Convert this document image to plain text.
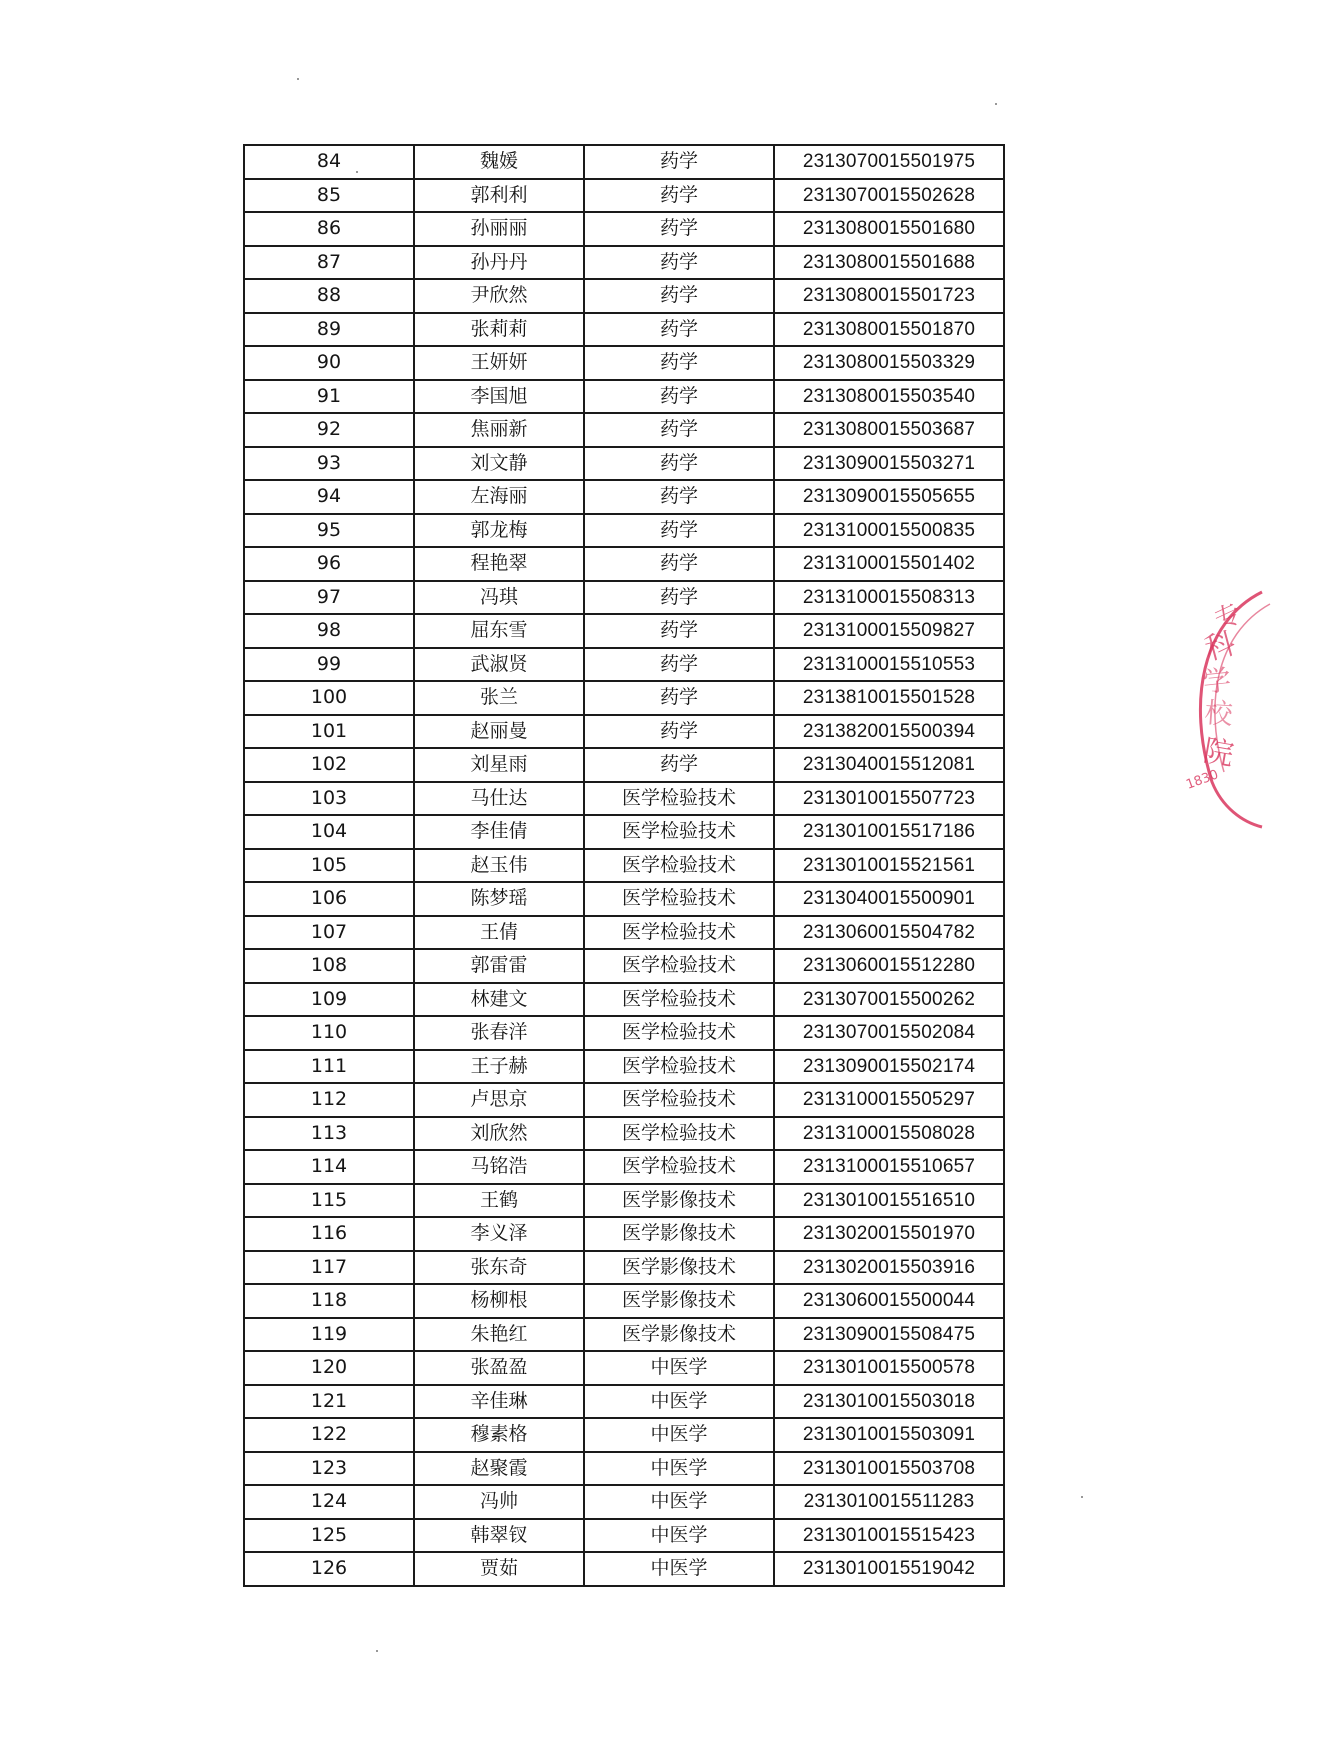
84	魏媛	药学	2313070015501975
85	郭利利	药学	2313070015502628
86	孙丽丽	药学	2313080015501680
87	孙丹丹	药学	2313080015501688
88	尹欣然	药学	2313080015501723
89	张莉莉	药学	2313080015501870
90	王妍妍	药学	2313080015503329
91	李国旭	药学	2313080015503540
92	焦丽新	药学	2313080015503687
93	刘文静	药学	2313090015503271
94	左海丽	药学	2313090015505655
95	郭龙梅	药学	2313100015500835
96	程艳翠	药学	2313100015501402
97	冯琪	药学	2313100015508313
98	屈东雪	药学	2313100015509827
99	武淑贤	药学	2313100015510553
100	张兰	药学	2313810015501528
101	赵丽曼	药学	2313820015500394
102	刘星雨	药学	2313040015512081
103	马仕达	医学检验技术	2313010015507723
104	李佳倩	医学检验技术	2313010015517186
105	赵玉伟	医学检验技术	2313010015521561
106	陈梦瑶	医学检验技术	2313040015500901
107	王倩	医学检验技术	2313060015504782
108	郭雷雷	医学检验技术	2313060015512280
109	林建文	医学检验技术	2313070015500262
110	张春洋	医学检验技术	2313070015502084
111	王子赫	医学检验技术	2313090015502174
112	卢思京	医学检验技术	2313100015505297
113	刘欣然	医学检验技术	2313100015508028
114	马铭浩	医学检验技术	2313100015510657
115	王鹤	医学影像技术	2313010015516510
116	李义泽	医学影像技术	2313020015501970
117	张东奇	医学影像技术	2313020015503916
118	杨柳根	医学影像技术	2313060015500044
119	朱艳红	医学影像技术	2313090015508475
120	张盈盈	中医学	2313010015500578
121	辛佳琳	中医学	2313010015503018
122	穆素格	中医学	2313010015503091
123	赵聚霞	中医学	2313010015503708
124	冯帅	中医学	2313010015511283
125	韩翠钗	中医学	2313010015515423
126	贾茹	中医学	2313010015519042
专
科
学
校
院
1830
